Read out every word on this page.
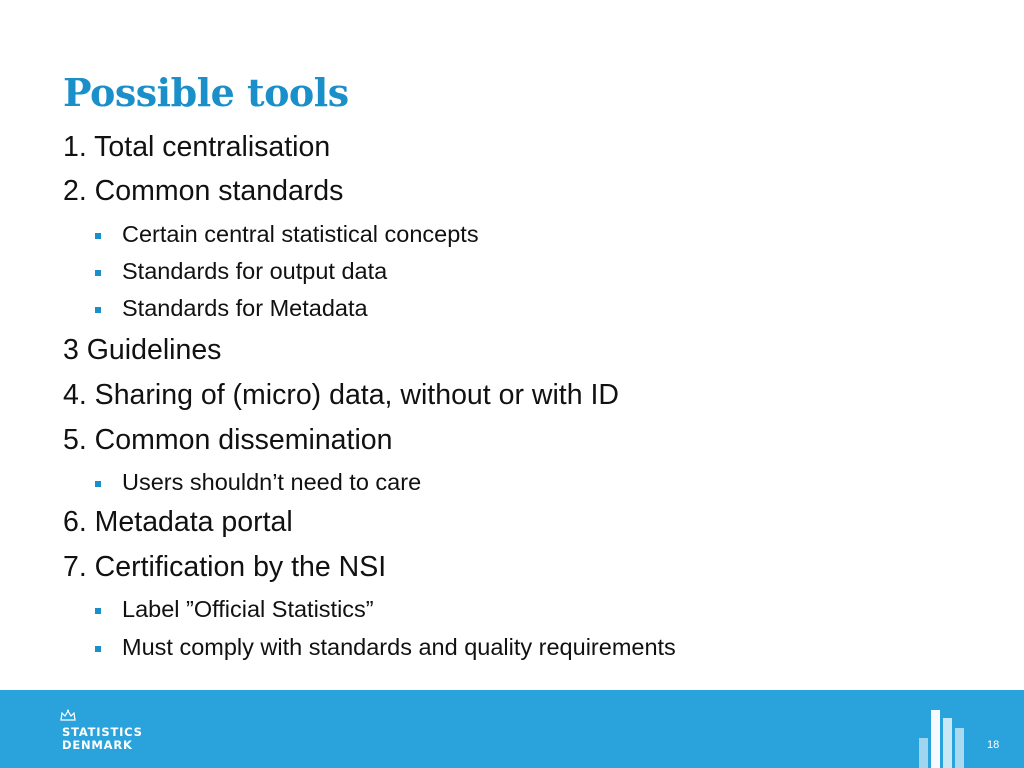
Possible tools
1. Total centralisation
2. Common standards
Certain central statistical concepts
Standards for output data
Standards for Metadata
3 Guidelines
4. Sharing of (micro) data, without or with ID
5. Common dissemination
Users shouldn’t need to care
6. Metadata portal
7. Certification by the NSI
Label ”Official Statistics”
Must comply with standards and quality requirements
STATISTICS
DENMARK	18
